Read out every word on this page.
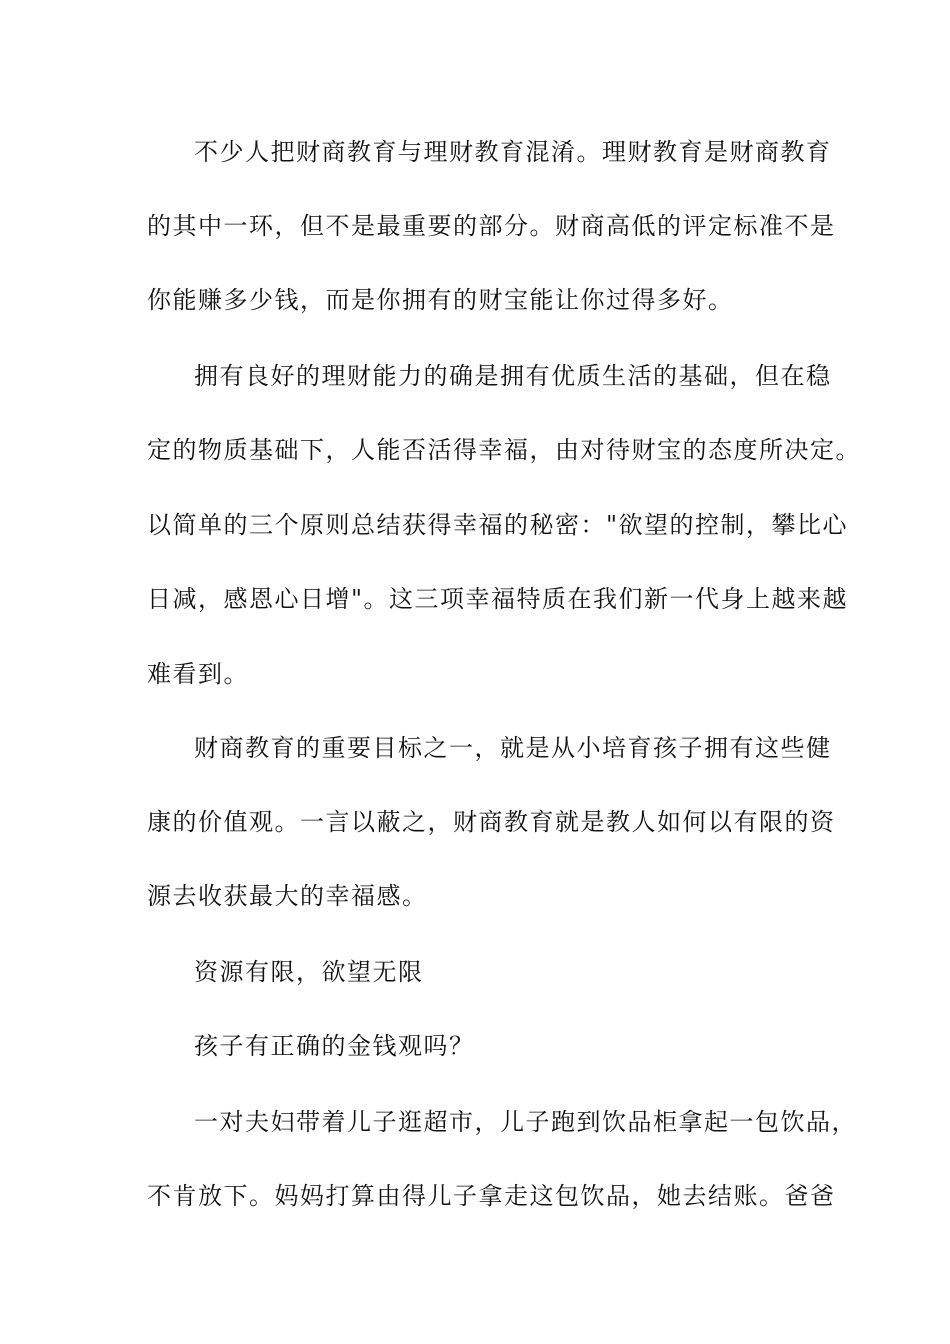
不少人把财商教育与理财教育混淆。理财教育是财商教育
的其中一环，但不是最重要的部分。财商高低的评定标准不是
你能赚多少钱，而是你拥有的财宝能让你过得多好。
拥有良好的理财能力的确是拥有优质生活的基础，但在稳
定的物质基础下，人能否活得幸福，由对待财宝的态度所决定。
以简单的三个原则总结获得幸福的秘密："欲望的控制，攀比心
日减，感恩心日增"。这三项幸福特质在我们新一代身上越来越
难看到。
财商教育的重要目标之一，就是从小培育孩子拥有这些健
康的价值观。一言以蔽之，财商教育就是教人如何以有限的资
源去收获最大的幸福感。
资源有限，欲望无限
孩子有正确的金钱观吗？
一对夫妇带着儿子逛超市，儿子跑到饮品柜拿起一包饮品，
不肯放下。妈妈打算由得儿子拿走这包饮品，她去结账。爸爸
